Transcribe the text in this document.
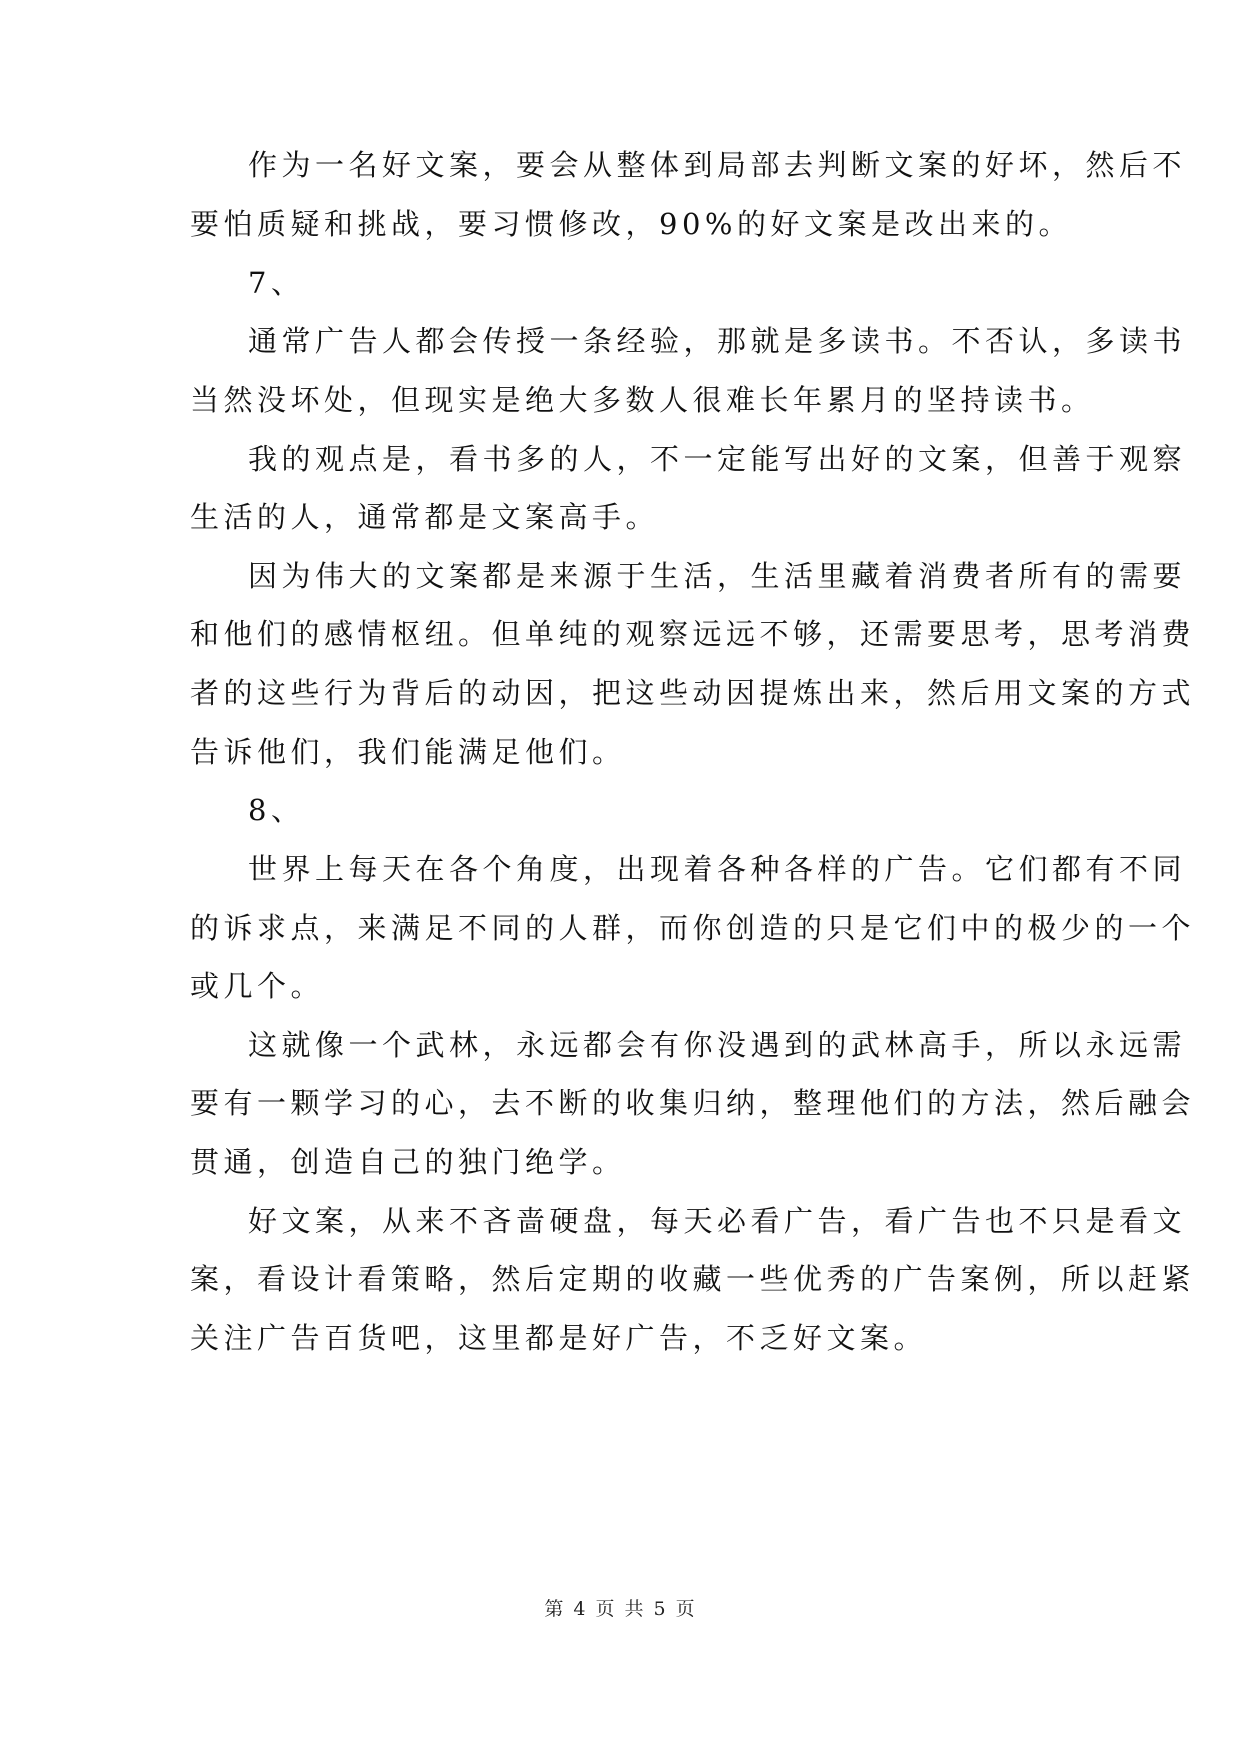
作为一名好文案，要会从整体到局部去判断文案的好坏，然后不
要怕质疑和挑战，要习惯修改，90%的好文案是改出来的。
7、
通常广告人都会传授一条经验，那就是多读书。不否认，多读书
当然没坏处，但现实是绝大多数人很难长年累月的坚持读书。
我的观点是，看书多的人，不一定能写出好的文案，但善于观察
生活的人，通常都是文案高手。
因为伟大的文案都是来源于生活，生活里藏着消费者所有的需要
和他们的感情枢纽。但单纯的观察远远不够，还需要思考，思考消费
者的这些行为背后的动因，把这些动因提炼出来，然后用文案的方式
告诉他们，我们能满足他们。
8、
世界上每天在各个角度，出现着各种各样的广告。它们都有不同
的诉求点，来满足不同的人群，而你创造的只是它们中的极少的一个
或几个。
这就像一个武林，永远都会有你没遇到的武林高手，所以永远需
要有一颗学习的心，去不断的收集归纳，整理他们的方法，然后融会
贯通，创造自己的独门绝学。
好文案，从来不吝啬硬盘，每天必看广告，看广告也不只是看文
案，看设计看策略，然后定期的收藏一些优秀的广告案例，所以赶紧
关注广告百货吧，这里都是好广告，不乏好文案。
第 4 页 共 5 页
